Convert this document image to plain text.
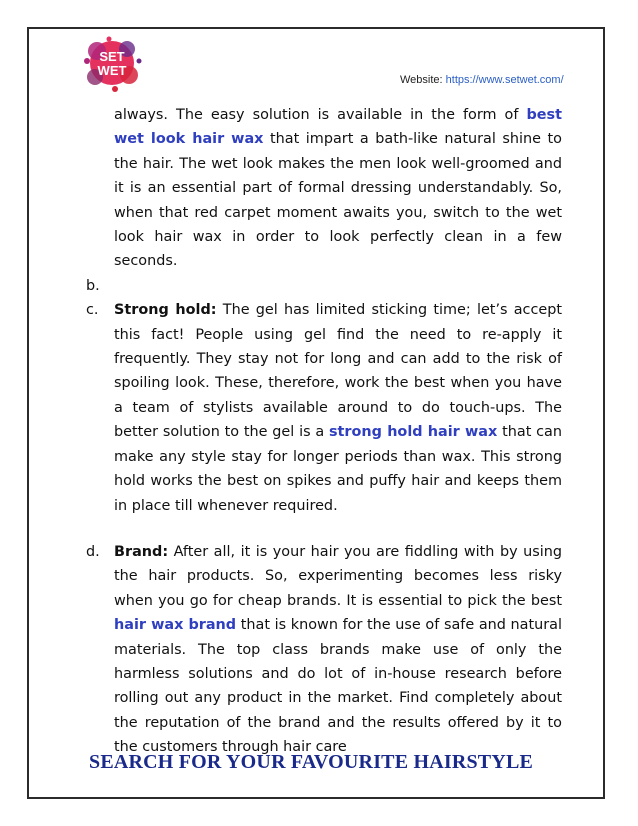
SET
WET
Website: https://www.setwet.com/
always. The easy solution is available in the form of best wet look hair wax that impart a bath-like natural shine to the hair. The wet look makes the men look well-groomed and it is an essential part of formal dressing understandably. So, when that red carpet moment awaits you, switch to the wet look hair wax in order to look perfectly clean in a few seconds.
b.

c. Strong hold: The gel has limited sticking time; let’s accept this fact! People using gel find the need to re-apply it frequently. They stay not for long and can add to the risk of spoiling look. These, therefore, work the best when you have a team of stylists available around to do touch-ups. The better solution to the gel is a strong hold hair wax that can make any style stay for longer periods than wax. This strong hold works the best on spikes and puffy hair and keeps them in place till whenever required.
d. Brand: After all, it is your hair you are fiddling with by using the hair products. So, experimenting becomes less risky when you go for cheap brands. It is essential to pick the best hair wax brand that is known for the use of safe and natural materials. The top class brands make use of only the harmless solutions and do lot of in-house research before rolling out any product in the market. Find completely about the reputation of the brand and the results offered by it to the customers through hair care
SEARCH FOR YOUR FAVOURITE HAIRSTYLE
